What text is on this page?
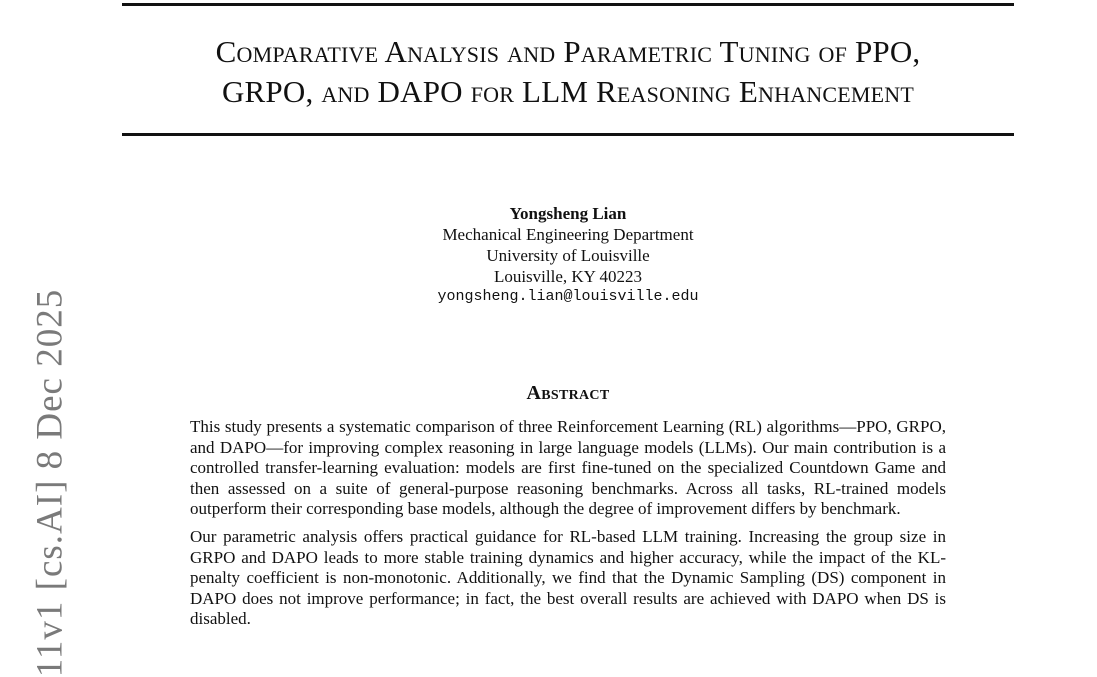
Comparative Analysis and Parametric Tuning of PPO,
GRPO, and DAPO for LLM Reasoning Enhancement
Yongsheng Lian
Mechanical Engineering Department
University of Louisville
Louisville, KY 40223
yongsheng.lian@louisville.edu
Abstract

This study presents a systematic comparison of three Reinforcement Learning (RL) algorithms—PPO, GRPO, and DAPO—for improving complex reasoning in large language models (LLMs). Our main contribution is a controlled transfer-learning evaluation: models are first fine-tuned on the specialized Countdown Game and then assessed on a suite of general-purpose reasoning benchmarks. Across all tasks, RL-trained models outperform their corresponding base models, although the degree of improvement differs by benchmark.

Our parametric analysis offers practical guidance for RL-based LLM training. Increasing the group size in GRPO and DAPO leads to more stable training dynamics and higher accuracy, while the impact of the KL-penalty coefficient is non-monotonic. Additionally, we find that the Dynamic Sampling (DS) component in DAPO does not improve performance; in fact, the best overall results are achieved with DAPO when DS is disabled.

11v1 [cs.AI] 8 Dec 2025
